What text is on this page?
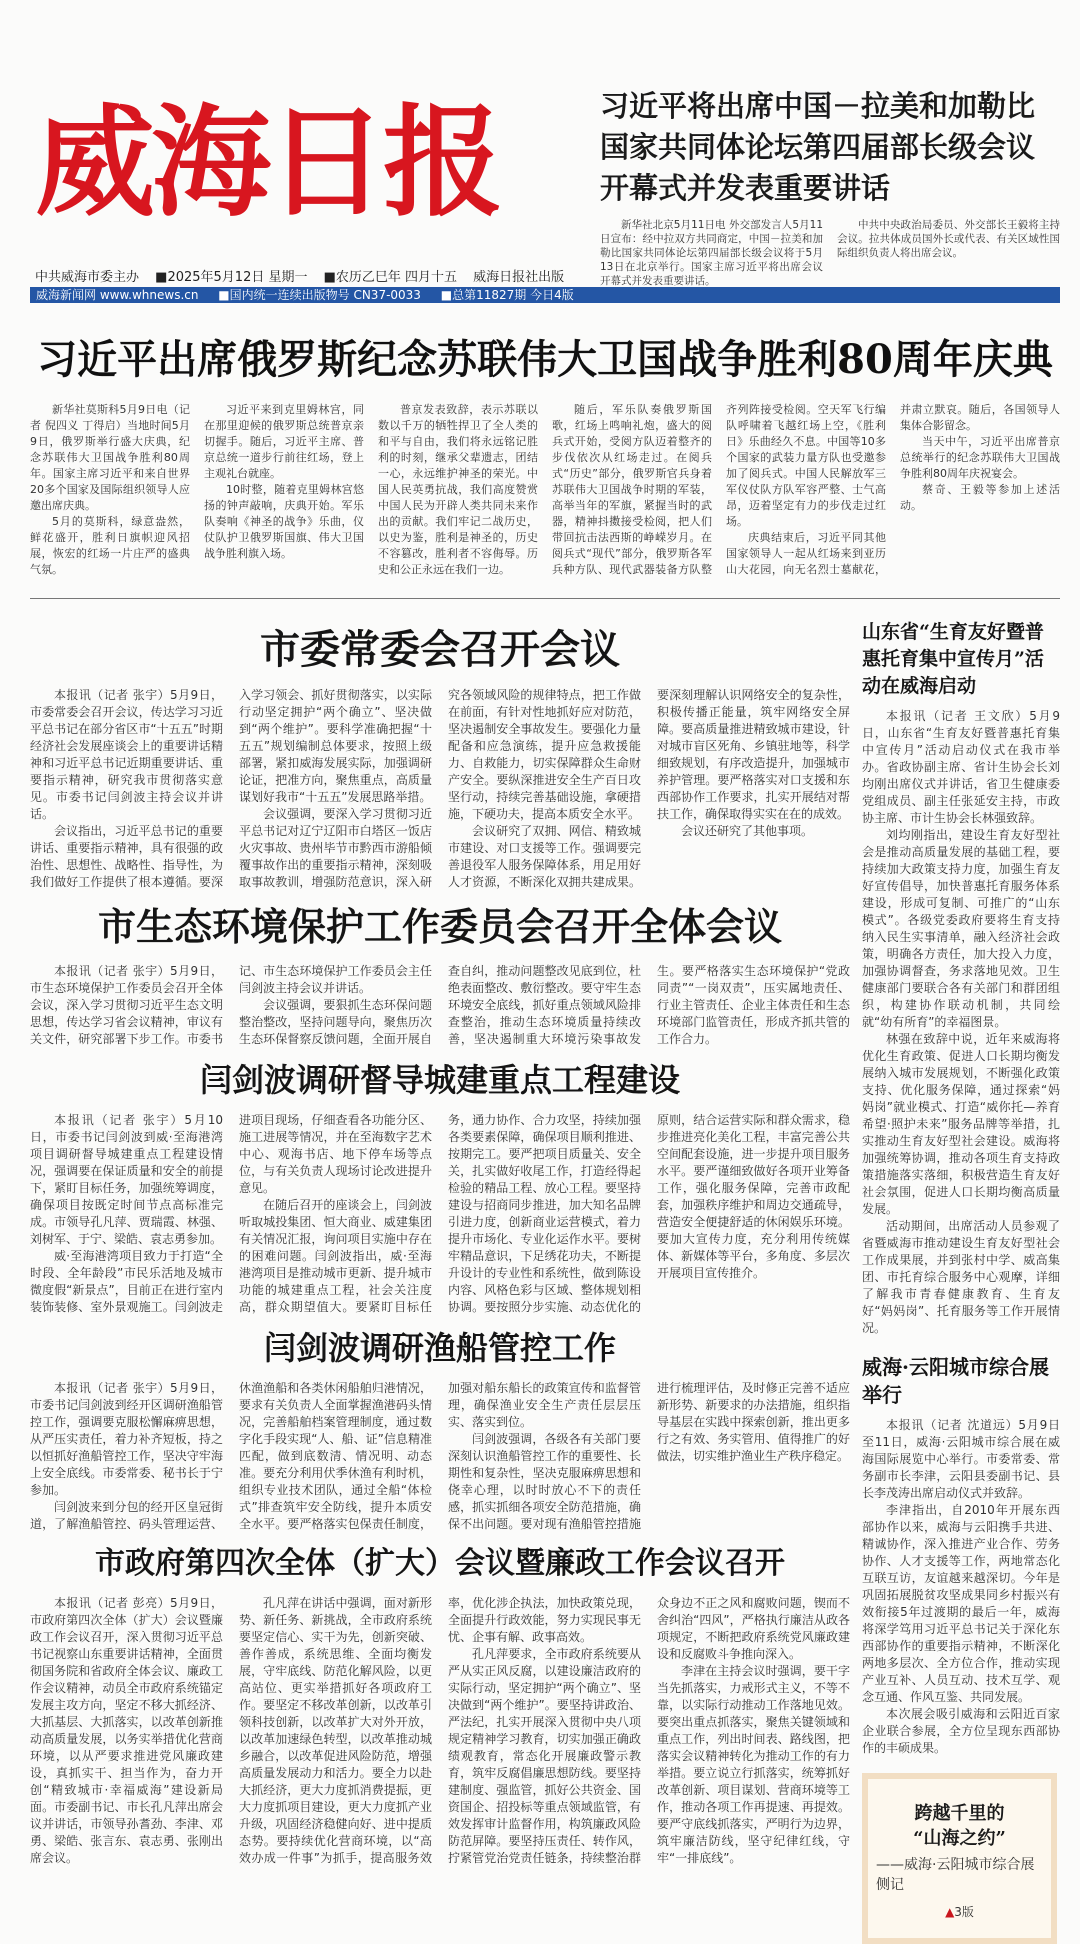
威海日报	习近平将出席中国－拉美和加勒比国家共同体论坛第四届部长级会议开幕式并发表重要讲话

新华社北京5月11日电 外交部发言人5月11日宣布：经中拉双方共同商定，中国－拉美和加勒比国家共同体论坛第四届部长级会议将于5月13日在北京举行。国家主席习近平将出席会议开幕式并发表重要讲话。

中共中央政治局委员、外交部长王毅将主持会议。拉共体成员国外长或代表、有关区域性国际组织负责人将出席会议。

中共威海市委主办 ■2025年5月12日 星期一 ■农历乙巳年 四月十五 威海日报社出版
威海新闻网 www.whnews.cn ■国内统一连续出版物号 CN37-0033 ■总第11827期 今日4版
习近平出席俄罗斯纪念苏联伟大卫国战争胜利80周年庆典

新华社莫斯科5月9日电（记者 倪四义 丁得启）当地时间5月9日，俄罗斯举行盛大庆典，纪念苏联伟大卫国战争胜利80周年。国家主席习近平和来自世界20多个国家及国际组织领导人应邀出席庆典。

5月的莫斯科，绿意盎然，鲜花盛开，胜利日旗帜迎风招展，恢宏的红场一片庄严的盛典气氛。

习近平来到克里姆林宫，同在那里迎候的俄罗斯总统普京亲切握手。随后，习近平主席、普京总统一道步行前往红场，登上主观礼台就座。

10时整，随着克里姆林宫悠扬的钟声敲响，庆典开始。军乐队奏响《神圣的战争》乐曲，仪仗队护卫俄罗斯国旗、伟大卫国战争胜利旗入场。

普京发表致辞，表示苏联以数以千万的牺牲捍卫了全人类的和平与自由，我们将永远铭记胜利的时刻，继承父辈遗志，团结一心，永远维护神圣的荣光。中国人民英勇抗战，我们高度赞赏中国人民为开辟人类共同未来作出的贡献。我们牢记二战历史，以史为鉴，胜利是神圣的，历史不容篡改，胜利者不容侮辱。历史和公正永远在我们一边。

随后，军乐队奏俄罗斯国歌，红场上鸣响礼炮，盛大的阅兵式开始，受阅方队迈着整齐的步伐依次从红场走过。在阅兵式“历史”部分，俄罗斯官兵身着苏联伟大卫国战争时期的军装，高举当年的军旗，紧握当时的武器，精神抖擞接受检阅，把人们带回抗击法西斯的峥嵘岁月。在阅兵式“现代”部分，俄罗斯各军兵种方队、现代武器装备方队整齐列阵接受检阅。空天军飞行编队呼啸着飞越红场上空，《胜利日》乐曲经久不息。中国等10多个国家的武装力量方队也受邀参加了阅兵式。中国人民解放军三军仪仗队方队军容严整、士气高昂，迈着坚定有力的步伐走过红场。

庆典结束后，习近平同其他国家领导人一起从红场来到亚历山大花园，向无名烈士墓献花，并肃立默哀。随后，各国领导人集体合影留念。

当天中午，习近平出席普京总统举行的纪念苏联伟大卫国战争胜利80周年庆祝宴会。

蔡奇、王毅等参加上述活动。

市委常委会召开会议

本报讯（记者 张宇）5月9日，市委常委会召开会议，传达学习习近平总书记在部分省区市“十五五”时期经济社会发展座谈会上的重要讲话精神和习近平总书记近期重要讲话、重要指示精神，研究我市贯彻落实意见。市委书记闫剑波主持会议并讲话。

会议指出，习近平总书记的重要讲话、重要指示精神，具有很强的政治性、思想性、战略性、指导性，为我们做好工作提供了根本遵循。要深入学习领会、抓好贯彻落实，以实际行动坚定拥护“两个确立”、坚决做到“两个维护”。要科学准确把握“十五五”规划编制总体要求，按照上级部署，紧扣威海发展实际，加强调研论证，把准方向，聚焦重点，高质量谋划好我市“十五五”发展思路举措。

会议强调，要深入学习贯彻习近平总书记对辽宁辽阳市白塔区一饭店火灾事故、贵州毕节市黔西市游船倾覆事故作出的重要指示精神，深刻吸取事故教训，增强防范意识，深入研究各领域风险的规律特点，把工作做在前面，有针对性地抓好应对防范，坚决遏制安全事故发生。要强化力量配备和应急演练，提升应急救援能力、自救能力，切实保障群众生命财产安全。要纵深推进安全生产百日攻坚行动，持续完善基础设施，拿硬措施，下硬功夫，提高本质安全水平。

会议研究了双拥、网信、精致城市建设、对口支援等工作。强调要完善退役军人服务保障体系，用足用好人才资源，不断深化双拥共建成果。要深刻理解认识网络安全的复杂性，积极传播正能量，筑牢网络安全屏障。要高质量推进精致城市建设，针对城市盲区死角、乡镇驻地等，科学细致规划，有序改造提升，加强城市养护管理。要严格落实对口支援和东西部协作工作要求，扎实开展结对帮扶工作，确保取得实实在在的成效。

会议还研究了其他事项。

市生态环境保护工作委员会召开全体会议

本报讯（记者 张宇）5月9日，市生态环境保护工作委员会召开全体会议，深入学习贯彻习近平生态文明思想，传达学习省会议精神，审议有关文件，研究部署下步工作。市委书记、市生态环境保护工作委员会主任闫剑波主持会议并讲话。

会议强调，要狠抓生态环保问题整治整改，坚持问题导向，聚焦历次生态环保督察反馈问题，全面开展自查自纠，推动问题整改见底到位，杜绝表面整改、敷衍整改。要守牢生态环境安全底线，抓好重点领域风险排查整治，推动生态环境质量持续改善，坚决遏制重大环境污染事故发生。要严格落实生态环境保护“党政同责”“一岗双责”，压实属地责任、行业主管责任、企业主体责任和生态环境部门监管责任，形成齐抓共管的工作合力。

闫剑波调研督导城建重点工程建设

本报讯（记者 张宇）5月10日，市委书记闫剑波到威·至海港湾项目调研督导城建重点工程建设情况，强调要在保证质量和安全的前提下，紧盯目标任务，加强统筹调度，确保项目按既定时间节点高标准完成。市领导孔凡萍、贾瑞霞、林强、刘树军、于宁、梁皓、袁志勇参加。

威·至海港湾项目致力于打造“全时段、全年龄段”市民乐活地及城市微度假“新景点”，目前正在进行室内装饰装修、室外景观施工。闫剑波走进项目现场，仔细查看各功能分区、施工进展等情况，并在至海数字艺术中心、观海书店、地下停车场等点位，与有关负责人现场讨论改进提升意见。

在随后召开的座谈会上，闫剑波听取城投集团、恒大商业、威建集团有关情况汇报，询问项目实施中存在的困难问题。闫剑波指出，威·至海港湾项目是推动城市更新、提升城市功能的城建重点工程，社会关注度高，群众期望值大。要紧盯目标任务，通力协作、合力攻坚，持续加强各类要素保障，确保项目顺利推进、按期完工。要严把项目质量关、安全关，扎实做好收尾工作，打造经得起检验的精品工程、放心工程。要坚持建设与招商同步推进，加大知名品牌引进力度，创新商业运营模式，着力提升市场化、专业化运作水平。要树牢精品意识，下足绣花功夫，不断提升设计的专业性和系统性，做到陈设内容、风格色彩与区域、整体规划相协调。要按照分步实施、动态优化的原则，结合运营实际和群众需求，稳步推进亮化美化工程，丰富完善公共空间配套设施，进一步提升项目服务水平。要严谨细致做好各项开业筹备工作，强化服务保障，完善市政配套，加强秩序维护和周边交通疏导，营造安全便捷舒适的休闲娱乐环境。要加大宣传力度，充分利用传统媒体、新媒体等平台，多角度、多层次开展项目宣传推介。

闫剑波调研渔船管控工作

本报讯（记者 张宇）5月9日，市委书记闫剑波到经开区调研渔船管控工作，强调要克服松懈麻痹思想，从严压实责任，着力补齐短板，持之以恒抓好渔船管控工作，坚决守牢海上安全底线。市委常委、秘书长于宁参加。

闫剑波来到分包的经开区皇冠街道，了解渔船管控、码头管理运营、休渔渔船和各类休闲船舶归港情况，要求有关负责人全面掌握渔港码头情况，完善船舶档案管理制度，通过数字化手段实现“人、船、证”信息精准匹配，做到底数清、情况明、动态准。要充分利用伏季休渔有利时机，组织专业技术团队，通过全船“体检式”排查筑牢安全防线，提升本质安全水平。要严格落实包保责任制度，加强对船东船长的政策宣传和监督管理，确保渔业安全生产责任层层压实、落实到位。

闫剑波强调，各级各有关部门要深刻认识渔船管控工作的重要性、长期性和复杂性，坚决克服麻痹思想和侥幸心理，以时时放心不下的责任感，抓实抓细各项安全防范措施，确保不出问题。要对现有渔船管控措施进行梳理评估，及时修正完善不适应新形势、新要求的办法措施，组织指导基层在实践中探索创新，推出更多行之有效、务实管用、值得推广的好做法，切实维护渔业生产秩序稳定。

市政府第四次全体（扩大）会议暨廉政工作会议召开

本报讯（记者 彭亮）5月9日，市政府第四次全体（扩大）会议暨廉政工作会议召开，深入贯彻习近平总书记视察山东重要讲话精神，全面贯彻国务院和省政府全体会议、廉政工作会议精神，动员全市政府系统锚定发展主攻方向，坚定不移大抓经济、大抓基层、大抓落实，以改革创新推动高质量发展，以务实举措优化营商环境，以从严要求推进党风廉政建设，真抓实干、担当作为，奋力开创“精致城市·幸福威海”建设新局面。市委副书记、市长孔凡萍出席会议并讲话，市领导孙耆劲、李津、邓勇、梁皓、张言东、袁志勇、张刚出席会议。

孔凡萍在讲话中强调，面对新形势、新任务、新挑战，全市政府系统要坚定信心、实干为先，创新突破、善作善成，系统思维、全面均衡发展，守牢底线、防范化解风险，以更高站位、更实举措抓好各项政府工作。要坚定不移改革创新，以改革引领科技创新，以改革扩大对外开放，以改革加速绿色转型，以改革推动城乡融合，以改革促进风险防范，增强高质量发展动力和活力。要全力以赴大抓经济，更大力度抓消费提振，更大力度抓项目建设，更大力度抓产业升级，巩固经济稳健向好、进中提质态势。要持续优化营商环境，以“高效办成一件事”为抓手，提高服务效率，优化涉企执法，加快政策兑现，全面提升行政效能，努力实现民事无忧、企事有解、政事高效。

孔凡萍要求，全市政府系统要从严从实正风反腐，以建设廉洁政府的实际行动，坚定拥护“两个确立”、坚决做到“两个维护”。要坚持讲政治、严法纪，扎实开展深入贯彻中央八项规定精神学习教育，切实加强正确政绩观教育，常态化开展廉政警示教育，筑牢反腐倡廉思想防线。要坚持建制度、强监管，抓好公共资金、国资国企、招投标等重点领域监管，有效发挥审计监督作用，构筑廉政风险防范屏障。要坚持压责任、转作风，拧紧管党治党责任链条，持续整治群众身边不正之风和腐败问题，锲而不舍纠治“四风”，严格执行廉洁从政各项规定，不断把政府系统党风廉政建设和反腐败斗争推向深入。

李津在主持会议时强调，要干字当先抓落实，力戒形式主义，不等不靠，以实际行动推动工作落地见效。要突出重点抓落实，聚焦关键领域和重点工作，列出时间表、路线图，把落实会议精神转化为推动工作的有力举措。要立说立行抓落实，统筹抓好改革创新、项目谋划、营商环境等工作，推动各项工作再提速、再提效。要严守底线抓落实，严明行为边界，筑牢廉洁防线，坚守纪律红线，守牢“一排底线”。

山东省“生育友好暨普惠托育集中宣传月”活动在威海启动

本报讯（记者 王文欣）5月9日，山东省“生育友好暨普惠托育集中宣传月”活动启动仪式在我市举办。省政协副主席、省计生协会长刘均刚出席仪式并讲话，省卫生健康委党组成员、副主任张延安主持，市政协主席、市计生协会长林强致辞。

刘均刚指出，建设生育友好型社会是推动高质量发展的基础工程，要持续加大政策支持力度，加强生育友好宣传倡导，加快普惠托育服务体系建设，形成可复制、可推广的“山东模式”。各级党委政府要将生育支持纳入民生实事清单，融入经济社会政策，明确各方责任，加大投入力度，加强协调督查，务求落地见效。卫生健康部门要联合各有关部门和群团组织，构建协作联动机制，共同绘就“幼有所育”的幸福图景。

林强在致辞中说，近年来威海将优化生育政策、促进人口长期均衡发展纳入城市发展规划，不断强化政策支持、优化服务保障，通过探索“妈妈岗”就业模式、打造“威你托—养育希望·照护未来”服务品牌等举措，扎实推动生育友好型社会建设。威海将加强统筹协调，推动各项生育支持政策措施落实落细，积极营造生育友好社会氛围，促进人口长期均衡高质量发展。

活动期间，出席活动人员参观了省暨威海市推动建设生育友好型社会工作成果展，并到张村中学、威高集团、市托育综合服务中心观摩，详细了解我市青春健康教育、生育友好“妈妈岗”、托育服务等工作开展情况。

威海·云阳城市综合展举行

本报讯（记者 沈道远）5月9日至11日，威海·云阳城市综合展在威海国际展览中心举行。市委常委、常务副市长李津，云阳县委副书记、县长李茂涛出席启动仪式并致辞。

李津指出，自2010年开展东西部协作以来，威海与云阳携手共进、精诚协作，深入推进产业合作、劳务协作、人才支援等工作，两地常态化互联互访，友谊越来越深切。今年是巩固拓展脱贫攻坚成果同乡村振兴有效衔接5年过渡期的最后一年，威海将深学笃用习近平总书记关于深化东西部协作的重要指示精神，不断深化两地多层次、全方位合作，推动实现产业互补、人员互动、技术互学、观念互通、作风互鉴、共同发展。

本次展会吸引威海和云阳近百家企业联合参展，全方位呈现东西部协作的丰硕成果。

跨越千里的
“山海之约”
——威海·云阳城市综合展侧记
▲3版
